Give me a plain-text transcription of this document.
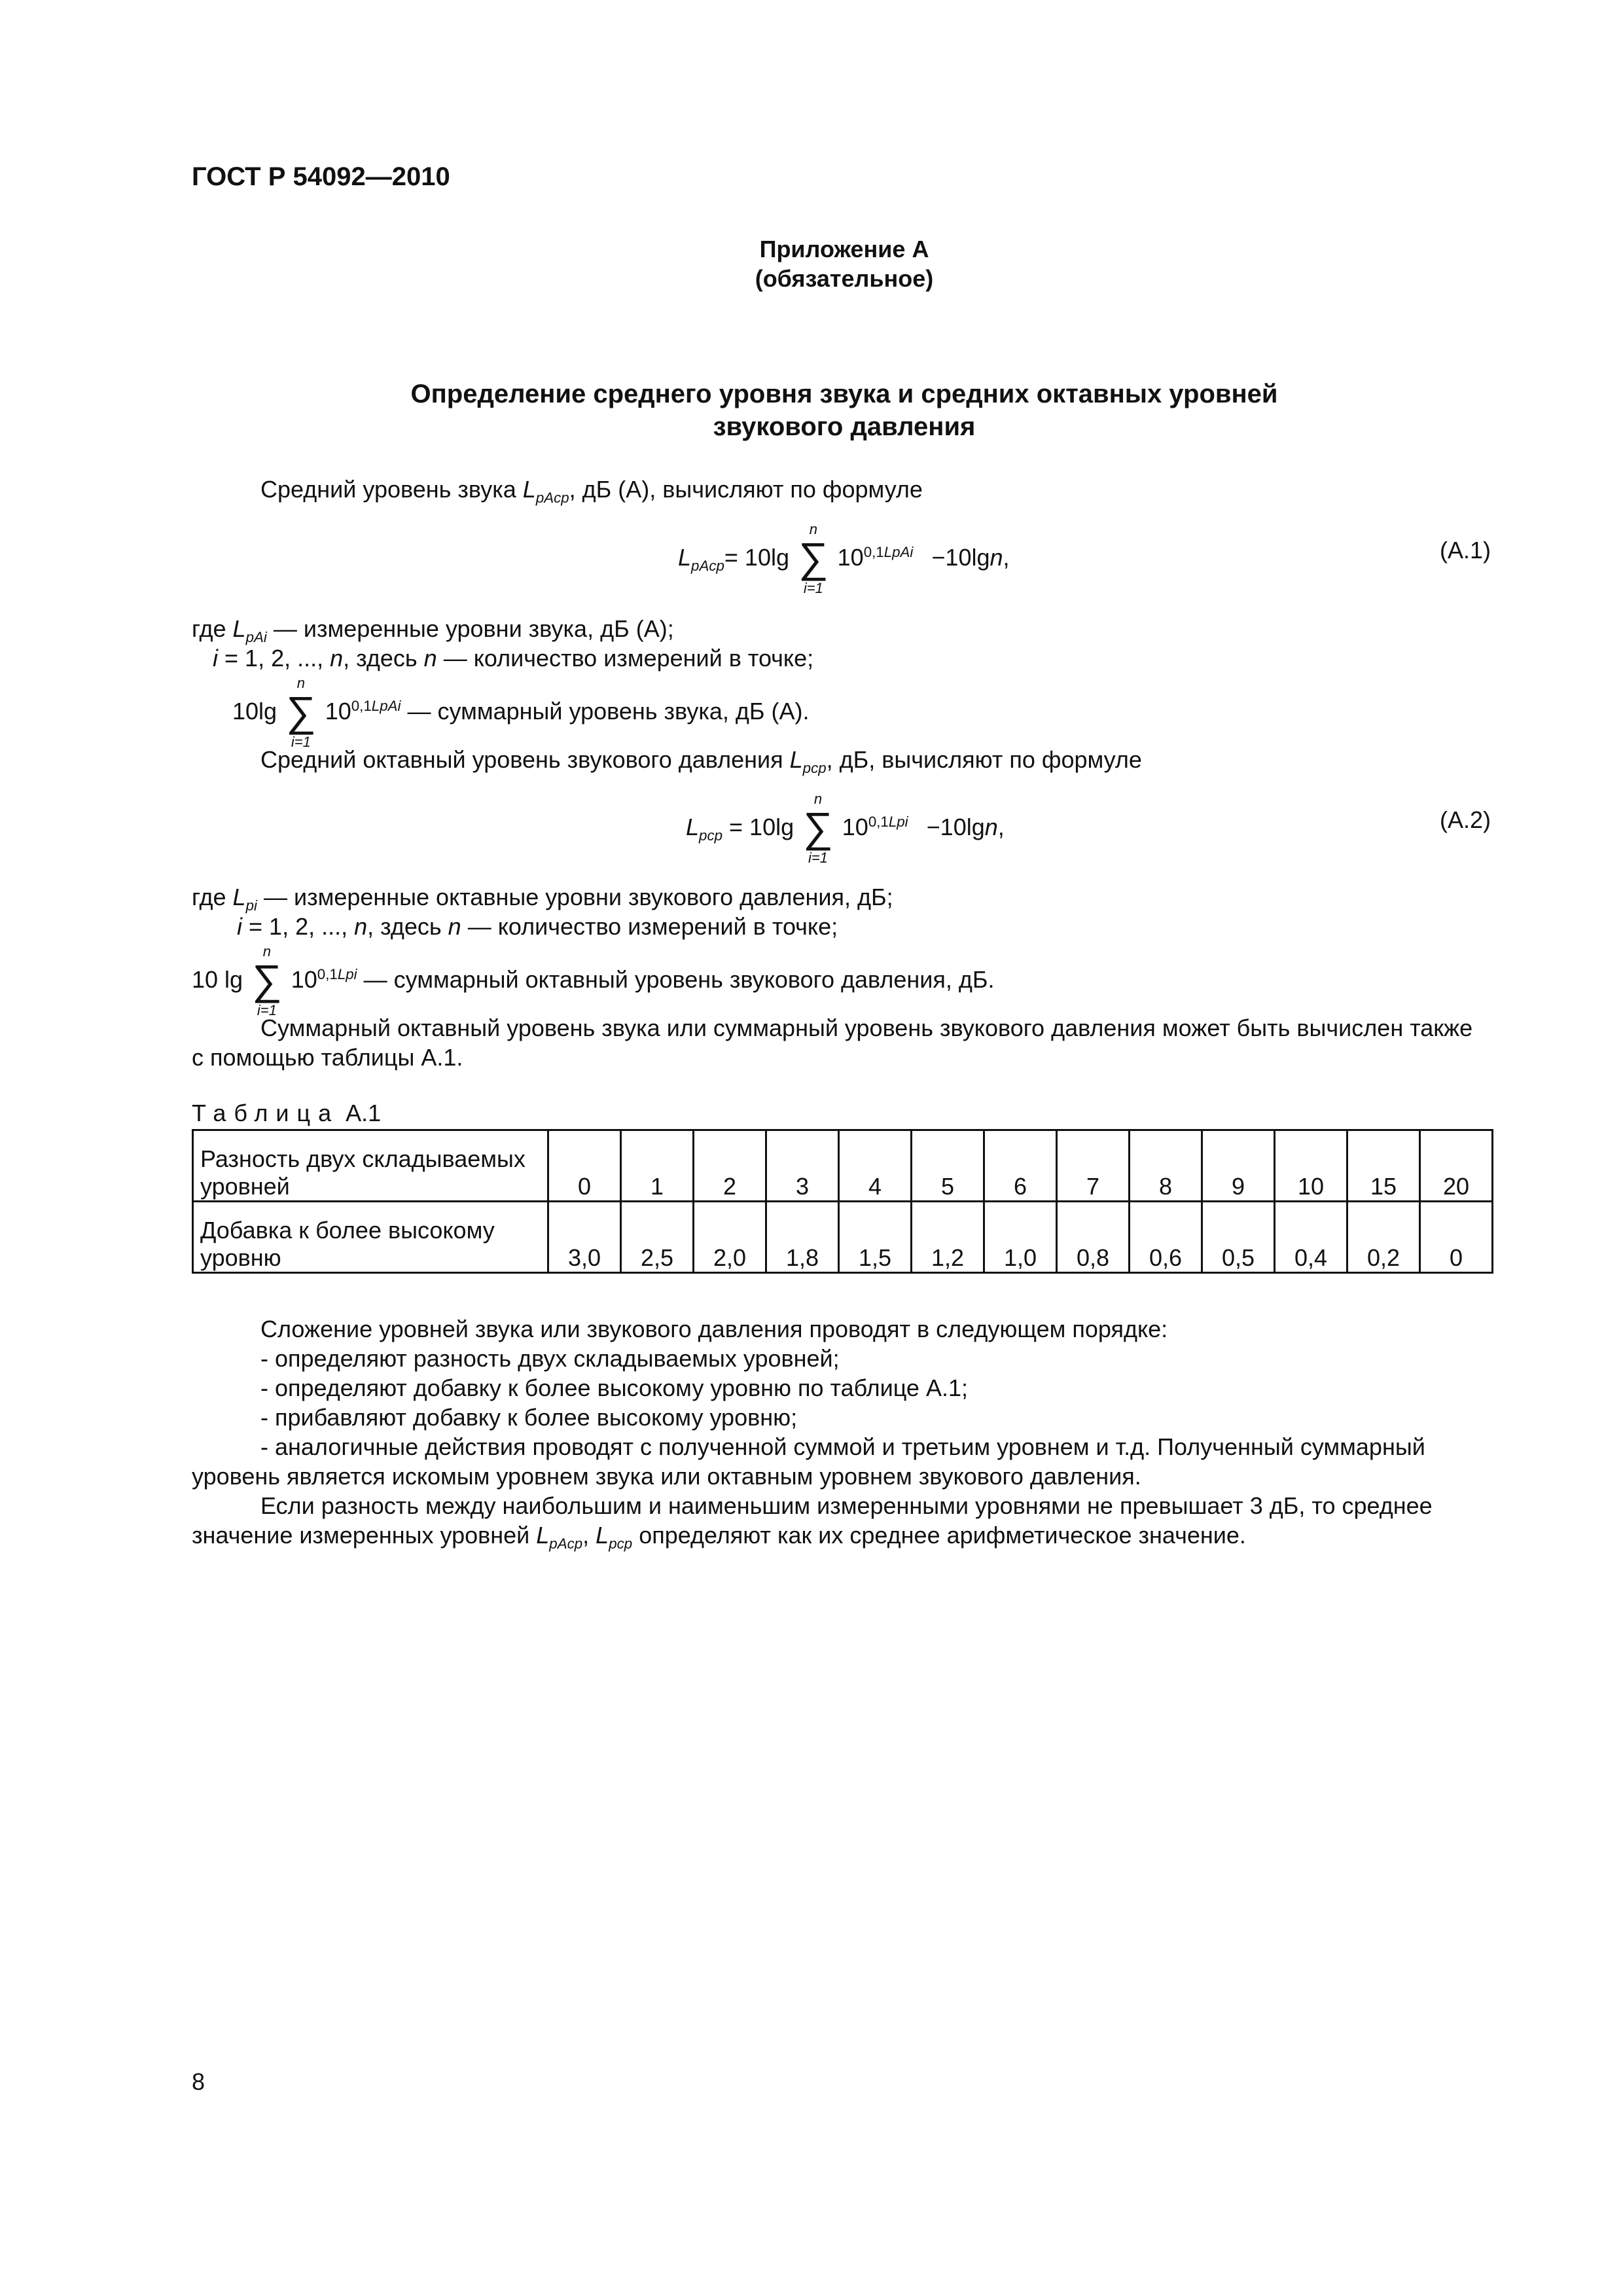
ГОСТ Р 54092—2010
Приложение А
(обязательное)
Определение среднего уровня звука и средних октавных уровней
звукового давления
Средний уровень звука $L_{pAср}$, дБ (А), вычисляют по формуле
$L_{pAср}= 10\lg$ ∑
n
i=1
$10^{0,1LpAi} -10\lg n$,	(А.1)
где $L_{pAi}$ — измеренные уровни звука, дБ (А);
i = 1, 2, ..., n, здесь n — количество измерений в точке;
10lg ∑
n
i=1
$10^{0,1LpAi}$ — суммарный уровень звука, дБ (А).
Средний октавный уровень звукового давления $L_{pср}$, дБ, вычисляют по формуле
$L_{pср} = 10\lg$ ∑
n
i=1
$10^{0,1Lpi} -10\lg n$,	(А.2)
где $L_{pi}$ — измеренные октавные уровни звукового давления, дБ;
i = 1, 2, ..., n, здесь n — количество измерений в точке;
10 lg ∑
n
i=1
$10^{0,1Lpi}$ — суммарный октавный уровень звукового давления, дБ.
Суммарный октавный уровень звука или суммарный уровень звукового давления может быть вычислен также
с помощью таблицы А.1.
Таблица А.1
Разность двух складываемых уровней	0	1	2	3	4	5	6	7	8	9	10	15	20
Добавка к более высокому уровню	3,0	2,5	2,0	1,8	1,5	1,2	1,0	0,8	0,6	0,5	0,4	0,2	0
Сложение уровней звука или звукового давления проводят в следующем порядке:
- определяют разность двух складываемых уровней;
- определяют добавку к более высокому уровню по таблице А.1;
- прибавляют добавку к более высокому уровню;
- аналогичные действия проводят с полученной суммой и третьим уровнем и т.д. Полученный суммарный
уровень является искомым уровнем звука или октавным уровнем звукового давления.
Если разность между наибольшим и наименьшим измеренными уровнями не превышает 3 дБ, то среднее
значение измеренных уровней $L_{pAср}$, $L_{pср}$ определяют как их среднее арифметическое значение.
8
